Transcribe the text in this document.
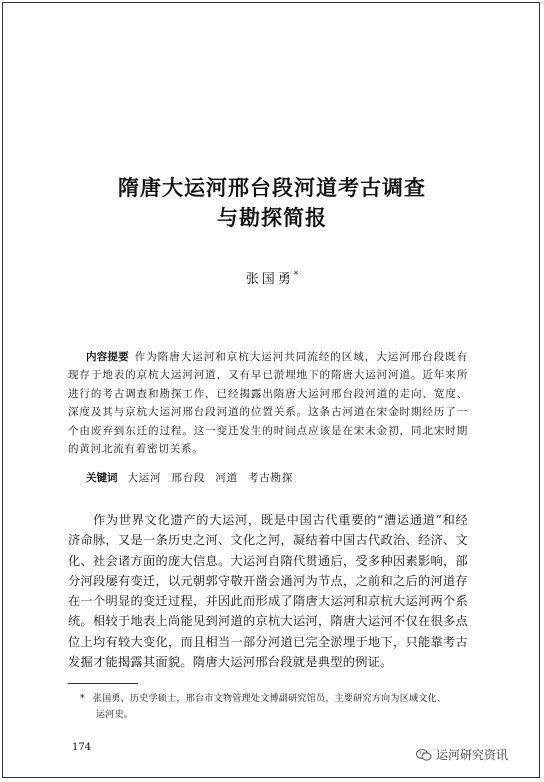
隋唐大运河邢台段河道考古调查
与勘探简报
张国勇*
内容提要 作为隋唐大运河和京杭大运河共同流经的区域，大运河邢台段既有现存于地表的京杭大运河河道，又有早已淤埋地下的隋唐大运河河道。近年来所进行的考古调查和勘探工作，已经揭露出隋唐大运河邢台段河道的走向、宽度、深度及其与京杭大运河邢台段河道的位置关系。这条古河道在宋金时期经历了一个由废弃到东迁的过程。这一变迁发生的时间点应该是在宋末金初，同北宋时期的黄河北流有着密切关系。
关键词 大运河 邢台段 河道 考古勘探
作为世界文化遗产的大运河，既是中国古代重要的“漕运通道”和经济命脉，又是一条历史之河、文化之河，凝结着中国古代政治、经济、文化、社会诸方面的庞大信息。大运河自隋代贯通后，受多种因素影响，部分河段屡有变迁，以元朝郭守敬开凿会通河为节点，之前和之后的河道存在一个明显的变迁过程，并因此而形成了隋唐大运河和京杭大运河两个系统。相较于地表上尚能见到河道的京杭大运河，隋唐大运河不仅在很多点位上均有较大变化，而且相当一部分河道已完全淤埋于地下，只能靠考古发掘才能揭露其面貌。隋唐大运河邢台段就是典型的例证。
* 张国勇，历史学硕士，邢台市文物管理处文博副研究馆员，主要研究方向为区域文化、
运河史。
174
运河研究资讯
